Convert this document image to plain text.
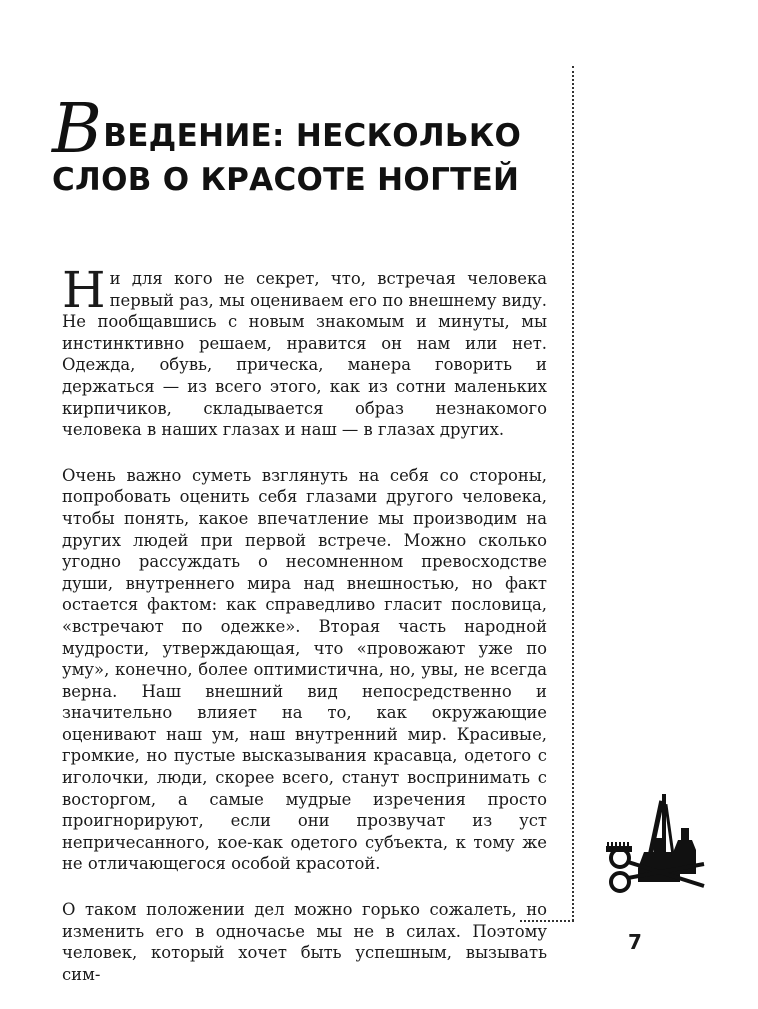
ВВЕДЕНИЕ: НЕСКОЛЬКО СЛОВ О КРАСОТЕ НОГТЕЙ

Ни для кого не секрет, что, встречая человека первый раз, мы оцениваем его по внешнему виду. Не пообщавшись с новым знакомым и минуты, мы инстинктивно решаем, нравится он нам или нет. Одежда, обувь, прическа, манера говорить и держаться — из всего этого, как из сотни маленьких кирпичиков, складывается образ незнакомого человека в наших глазах и наш — в глазах других.

Очень важно суметь взглянуть на себя со стороны, попробовать оценить себя глазами другого человека, чтобы понять, какое впечатление мы производим на других людей при первой встрече. Можно сколько угодно рассуждать о несомненном превосходстве души, внутреннего мира над внешностью, но факт остается фактом: как справедливо гласит пословица, «встречают по одежке». Вторая часть народной мудрости, утверждающая, что «провожают уже по уму», конечно, более оптимистична, но, увы, не всегда верна. Наш внешний вид непосредственно и значительно влияет на то, как окружающие оценивают наш ум, наш внутренний мир. Красивые, громкие, но пустые высказывания красавца, одетого с иголочки, люди, скорее всего, станут воспринимать с восторгом, а самые мудрые изречения просто проигнорируют, если они прозвучат из уст непричесанного, кое-как одетого субъекта, к тому же не отличающегося особой красотой.

О таком положении дел можно горько сожалеть, но изменить его в одночасье мы не в силах. Поэтому человек, который хочет быть успешным, вызывать сим-

7
